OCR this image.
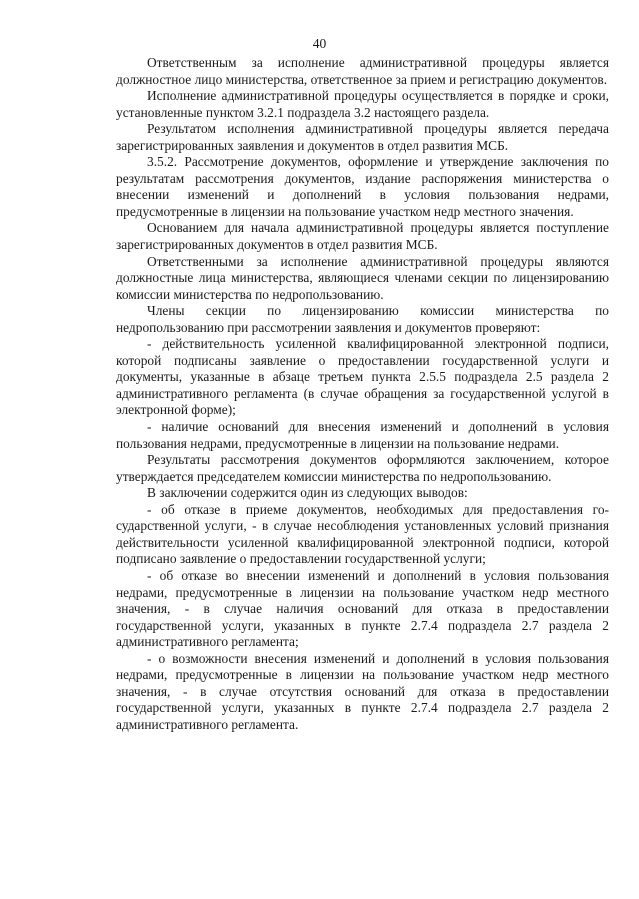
40

Ответственным за исполнение административной процедуры является должностное лицо министерства, ответственное за прием и регистрацию документов.

Исполнение административной процедуры осуществляется в порядке и сроки, установленные пунктом 3.2.1 подраздела 3.2 настоящего раздела.

Результатом исполнения административной процедуры является передача зарегистрированных заявления и документов в отдел развития МСБ.

3.5.2. Рассмотрение документов, оформление и утверждение заключения по результатам рассмотрения документов, издание распоряжения министерства о внесении изменений и дополнений в условия пользования недрами, предусмотренные в лицензии на пользование участком недр местного значения.

Основанием для начала административной процедуры является поступление зарегистрированных документов в отдел развития МСБ.

Ответственными за исполнение административной процедуры являются должностные лица министерства, являющиеся членами секции по лицензированию комиссии министерства по недропользованию.

Члены секции по лицензированию комиссии министерства по недропользованию при рассмотрении заявления и документов проверяют:

- действительность усиленной квалифицированной электронной подписи, которой подписаны заявление о предоставлении государственной услуги и документы, указанные в абзаце третьем пункта 2.5.5 подраздела 2.5 раздела 2 административного регламента (в случае обращения за государственной услугой в электронной форме);

- наличие оснований для внесения изменений и дополнений в условия пользования недрами, предусмотренные в лицензии на пользование недрами.

Результаты рассмотрения документов оформляются заключением, которое утверждается председателем комиссии министерства по недропользованию.

В заключении содержится один из следующих выводов:

- об отказе в приеме документов, необходимых для предоставления государственной услуги, - в случае несоблюдения установленных условий признания действительности усиленной квалифицированной электронной подписи, которой подписано заявление о предоставлении государственной услуги;

- об отказе во внесении изменений и дополнений в условия пользования недрами, предусмотренные в лицензии на пользование участком недр местного значения, - в случае наличия оснований для отказа в предоставлении государственной услуги, указанных в пункте 2.7.4 подраздела 2.7 раздела 2 административного регламента;

- о возможности внесения изменений и дополнений в условия пользования недрами, предусмотренные в лицензии на пользование участком недр местного значения, - в случае отсутствия оснований для отказа в предоставлении государственной услуги, указанных в пункте 2.7.4 подраздела 2.7 раздела 2 административного регламента.
